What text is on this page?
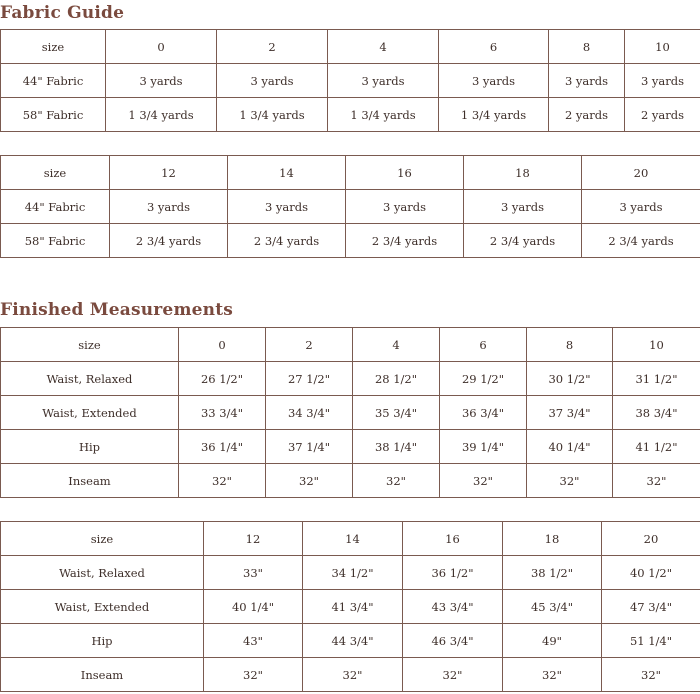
Fabric Guide
size	0	2	4	6	8	10
44" Fabric	3 yards	3 yards	3 yards	3 yards	3 yards	3 yards
58" Fabric	1 3/4 yards	1 3/4 yards	1 3/4 yards	1 3/4 yards	2 yards	2 yards
size	12	14	16	18	20
44" Fabric	3 yards	3 yards	3 yards	3 yards	3 yards
58" Fabric	2 3/4 yards	2 3/4 yards	2 3/4 yards	2 3/4 yards	2 3/4 yards
Finished Measurements
size	0	2	4	6	8	10
Waist, Relaxed	26 1/2"	27 1/2"	28 1/2"	29 1/2"	30 1/2"	31 1/2"
Waist, Extended	33 3/4"	34 3/4"	35 3/4"	36 3/4"	37 3/4"	38 3/4"
Hip	36 1/4"	37 1/4"	38 1/4"	39 1/4"	40 1/4"	41 1/2"
Inseam	32"	32"	32"	32"	32"	32"
size	12	14	16	18	20
Waist, Relaxed	33"	34 1/2"	36 1/2"	38 1/2"	40 1/2"
Waist, Extended	40 1/4"	41 3/4"	43 3/4"	45 3/4"	47 3/4"
Hip	43"	44 3/4"	46 3/4"	49"	51 1/4"
Inseam	32"	32"	32"	32"	32"
